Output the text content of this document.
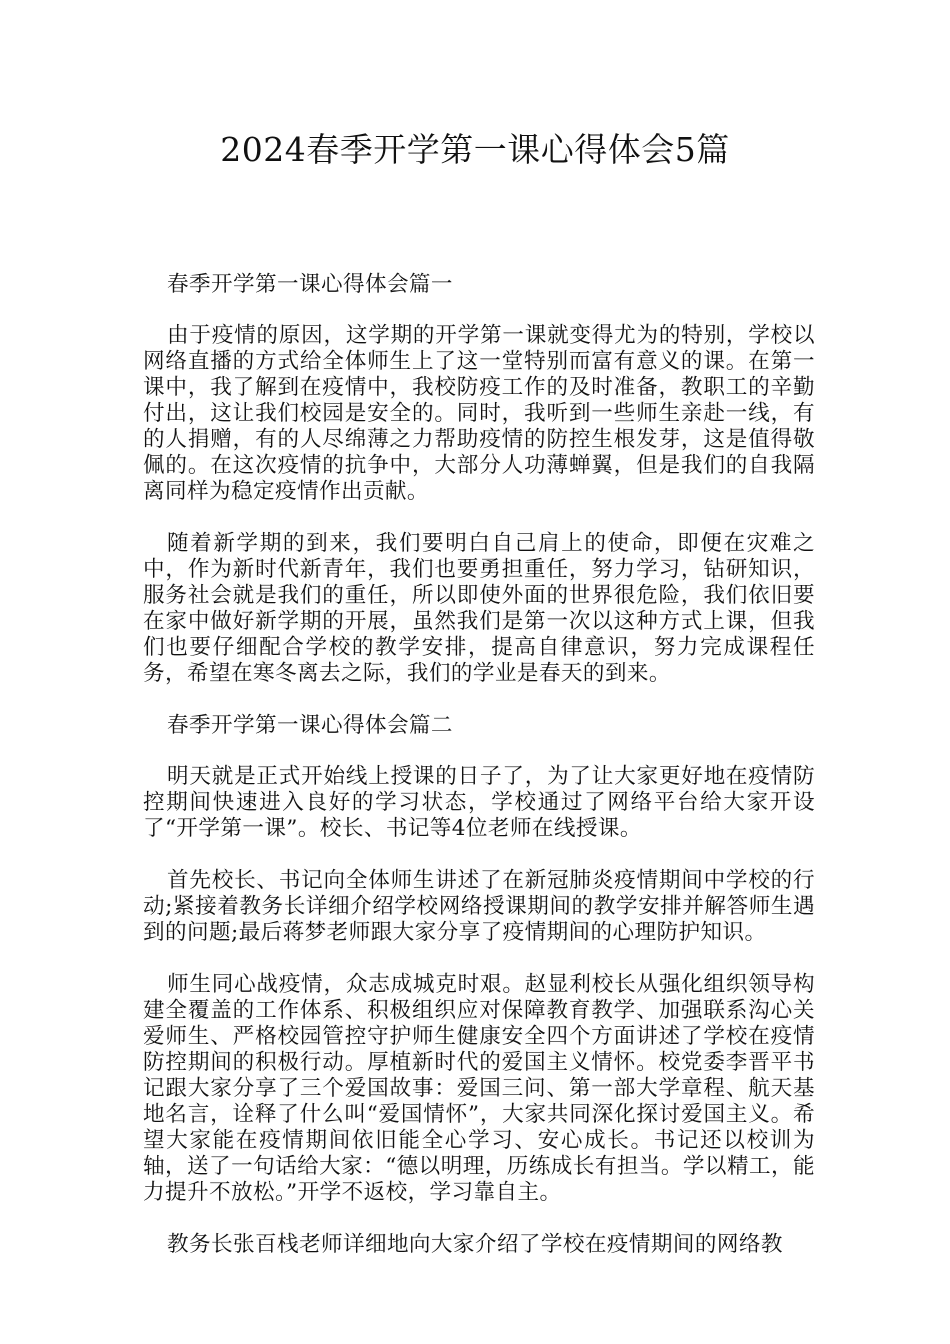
2024春季开学第一课心得体会5篇

春季开学第一课心得体会篇一

由于疫情的原因，这学期的开学第一课就变得尤为的特别，学校以网络直播的方式给全体师生上了这一堂特别而富有意义的课。在第一课中，我了解到在疫情中，我校防疫工作的及时准备，教职工的辛勤付出，这让我们校园是安全的。同时，我听到一些师生亲赴一线，有的人捐赠，有的人尽绵薄之力帮助疫情的防控生根发芽，这是值得敬佩的。在这次疫情的抗争中，大部分人功薄蝉翼，但是我们的自我隔离同样为稳定疫情作出贡献。

随着新学期的到来，我们要明白自己肩上的使命，即便在灾难之中，作为新时代新青年，我们也要勇担重任，努力学习，钻研知识，服务社会就是我们的重任，所以即使外面的世界很危险，我们依旧要在家中做好新学期的开展，虽然我们是第一次以这种方式上课，但我们也要仔细配合学校的教学安排，提高自律意识，努力完成课程任务，希望在寒冬离去之际，我们的学业是春天的到来。

春季开学第一课心得体会篇二

明天就是正式开始线上授课的日子了，为了让大家更好地在疫情防控期间快速进入良好的学习状态，学校通过了网络平台给大家开设了“开学第一课”。校长、书记等4位老师在线授课。

首先校长、书记向全体师生讲述了在新冠肺炎疫情期间中学校的行动;紧接着教务长详细介绍学校网络授课期间的教学安排并解答师生遇到的问题;最后蒋梦老师跟大家分享了疫情期间的心理防护知识。

师生同心战疫情，众志成城克时艰。赵显利校长从强化组织领导构建全覆盖的工作体系、积极组织应对保障教育教学、加强联系沟心关爱师生、严格校园管控守护师生健康安全四个方面讲述了学校在疫情防控期间的积极行动。厚植新时代的爱国主义情怀。校党委李晋平书记跟大家分享了三个爱国故事：爱国三问、第一部大学章程、航天基地名言，诠释了什么叫“爱国情怀”，大家共同深化探讨爱国主义。希望大家能在疫情期间依旧能全心学习、安心成长。书记还以校训为轴，送了一句话给大家：“德以明理，历练成长有担当。学以精工，能力提升不放松。”开学不返校，学习靠自主。

教务长张百栈老师详细地向大家介绍了学校在疫情期间的网络教
